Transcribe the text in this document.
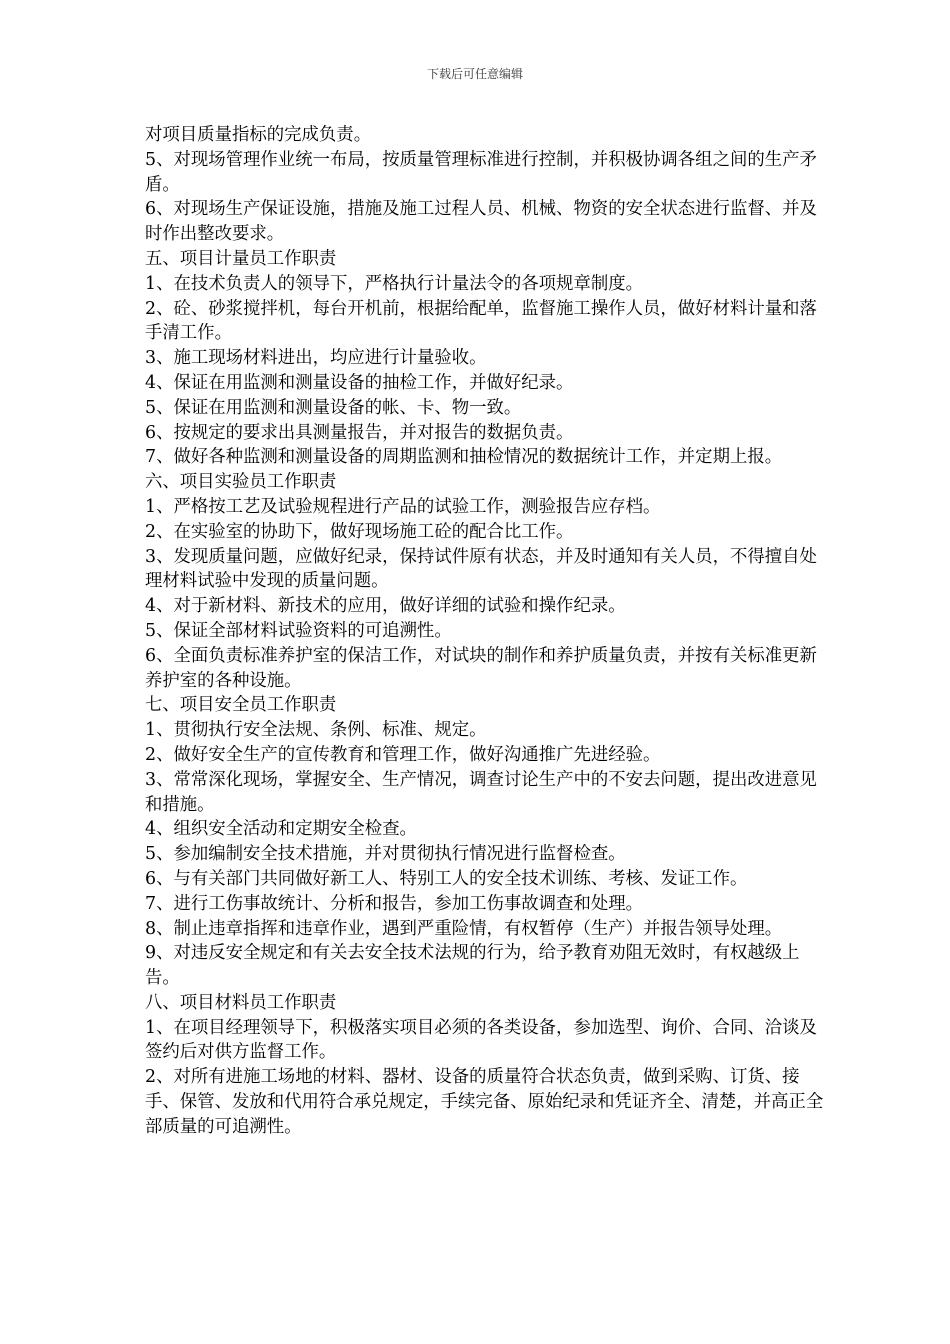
下载后可任意编辑

对项目质量指标的完成负责。

5、对现场管理作业统一布局，按质量管理标准进行控制，并积极协调各组之间的生产矛盾。

6、对现场生产保证设施，措施及施工过程人员、机械、物资的安全状态进行监督、并及时作出整改要求。

五、项目计量员工作职责

1、在技术负责人的领导下，严格执行计量法令的各项规章制度。

2、砼、砂浆搅拌机，每台开机前，根据给配单，监督施工操作人员，做好材料计量和落手清工作。

3、施工现场材料进出，均应进行计量验收。

4、保证在用监测和测量设备的抽检工作，并做好纪录。

5、保证在用监测和测量设备的帐、卡、物一致。

6、按规定的要求出具测量报告，并对报告的数据负责。

7、做好各种监测和测量设备的周期监测和抽检情况的数据统计工作，并定期上报。

六、项目实验员工作职责

1、严格按工艺及试验规程进行产品的试验工作，测验报告应存档。

2、在实验室的协助下，做好现场施工砼的配合比工作。

3、发现质量问题，应做好纪录，保持试件原有状态，并及时通知有关人员，不得擅自处理材料试验中发现的质量问题。

4、对于新材料、新技术的应用，做好详细的试验和操作纪录。

5、保证全部材料试验资料的可追溯性。

6、全面负责标准养护室的保洁工作，对试块的制作和养护质量负责，并按有关标准更新养护室的各种设施。

七、项目安全员工作职责

1、贯彻执行安全法规、条例、标准、规定。

2、做好安全生产的宣传教育和管理工作，做好沟通推广先进经验。

3、常常深化现场，掌握安全、生产情况，调查讨论生产中的不安去问题，提出改进意见和措施。

4、组织安全活动和定期安全检查。

5、参加编制安全技术措施，并对贯彻执行情况进行监督检查。

6、与有关部门共同做好新工人、特别工人的安全技术训练、考核、发证工作。

7、进行工伤事故统计、分析和报告，参加工伤事故调查和处理。

8、制止违章指挥和违章作业，遇到严重险情，有权暂停（生产）并报告领导处理。

9、对违反安全规定和有关去安全技术法规的行为，给予教育劝阻无效时，有权越级上告。

八、项目材料员工作职责

1、在项目经理领导下，积极落实项目必须的各类设备，参加选型、询价、合同、洽谈及签约后对供方监督工作。

2、对所有进施工场地的材料、器材、设备的质量符合状态负责，做到采购、订货、接手、保管、发放和代用符合承兑规定，手续完备、原始纪录和凭证齐全、清楚，并高正全部质量的可追溯性。
